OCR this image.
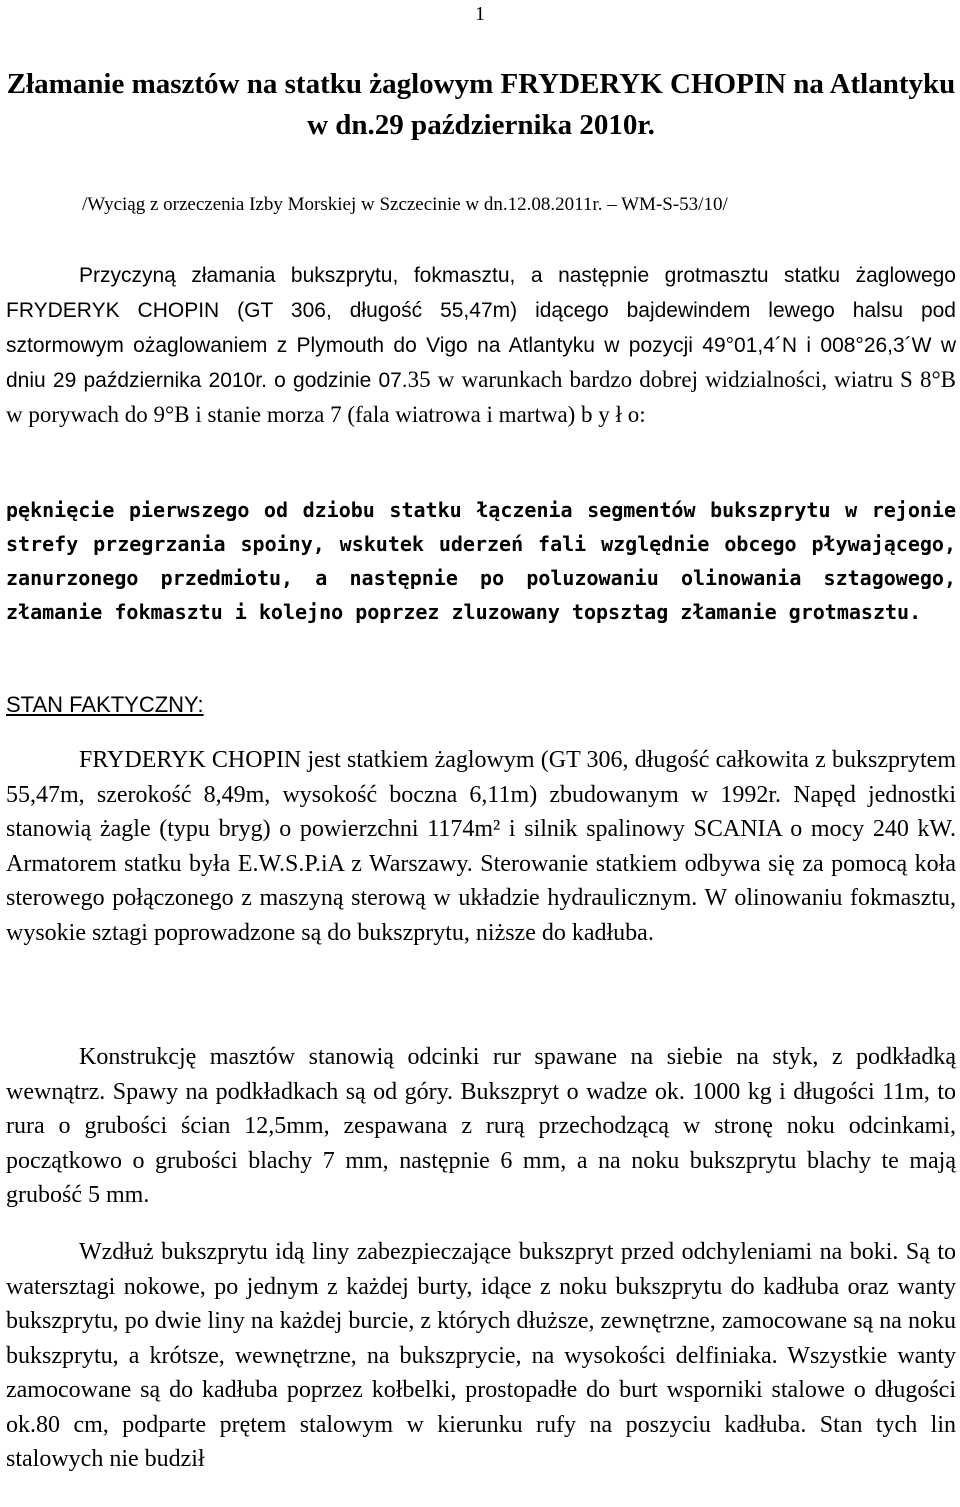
1
Złamanie masztów na statku żaglowym FRYDERYK CHOPIN na Atlantyku w dn.29 października 2010r.

/Wyciąg z orzeczenia Izby Morskiej w Szczecinie w dn.12.08.2011r. – WM-S-53/10/

Przyczyną złamania bukszprytu, fokmasztu, a następnie grotmasztu statku żaglowego FRYDERYK CHOPIN (GT 306, długość 55,47m) idącego bajdewindem lewego halsu pod sztormowym ożaglowaniem z Plymouth do Vigo na Atlantyku w pozycji 49°01,4´N i 008°26,3´W w dniu 29 października 2010r. o godzinie 07.35 w warunkach bardzo dobrej widzialności, wiatru S 8°B w porywach do 9°B i stanie morza 7 (fala wiatrowa i martwa) b y ł o:

pęknięcie pierwszego od dziobu statku łączenia segmentów bukszprytu w rejonie strefy przegrzania spoiny, wskutek uderzeń fali względnie obcego pływającego, zanurzonego przedmiotu, a następnie po poluzowaniu olinowania sztagowego, złamanie fokmasztu i kolejno poprzez zluzowany topsztag złamanie grotmasztu.

STAN FAKTYCZNY:

FRYDERYK CHOPIN jest statkiem żaglowym (GT 306, długość całkowita z bukszprytem 55,47m, szerokość 8,49m, wysokość boczna 6,11m) zbudowanym w 1992r. Napęd jednostki stanowią żagle (typu bryg) o powierzchni 1174m² i silnik spalinowy SCANIA o mocy 240 kW. Armatorem statku była E.W.S.P.iA z Warszawy. Sterowanie statkiem odbywa się za pomocą koła sterowego połączonego z maszyną sterową w układzie hydraulicznym. W olinowaniu fokmasztu, wysokie sztagi poprowadzone są do bukszprytu, niższe do kadłuba.

Konstrukcję masztów stanowią odcinki rur spawane na siebie na styk, z podkładką wewnątrz. Spawy na podkładkach są od góry. Bukszpryt o wadze ok. 1000 kg i długości 11m, to rura o grubości ścian 12,5mm, zespawana z rurą przechodzącą w stronę noku odcinkami, początkowo o grubości blachy 7 mm, następnie 6 mm, a na noku bukszprytu blachy te mają grubość 5 mm.

Wzdłuż bukszprytu idą liny zabezpieczające bukszpryt przed odchyleniami na boki. Są to watersztagi nokowe, po jednym z każdej burty, idące z noku bukszprytu do kadłuba oraz wanty bukszprytu, po dwie liny na każdej burcie, z których dłuższe, zewnętrzne, zamocowane są na noku bukszprytu, a krótsze, wewnętrzne, na bukszprycie, na wysokości delfiniaka. Wszystkie wanty zamocowane są do kadłuba poprzez kołbelki, prostopadłe do burt wsporniki stalowe o długości ok.80 cm, podparte prętem stalowym w kierunku rufy na poszyciu kadłuba. Stan tych lin stalowych nie budził
